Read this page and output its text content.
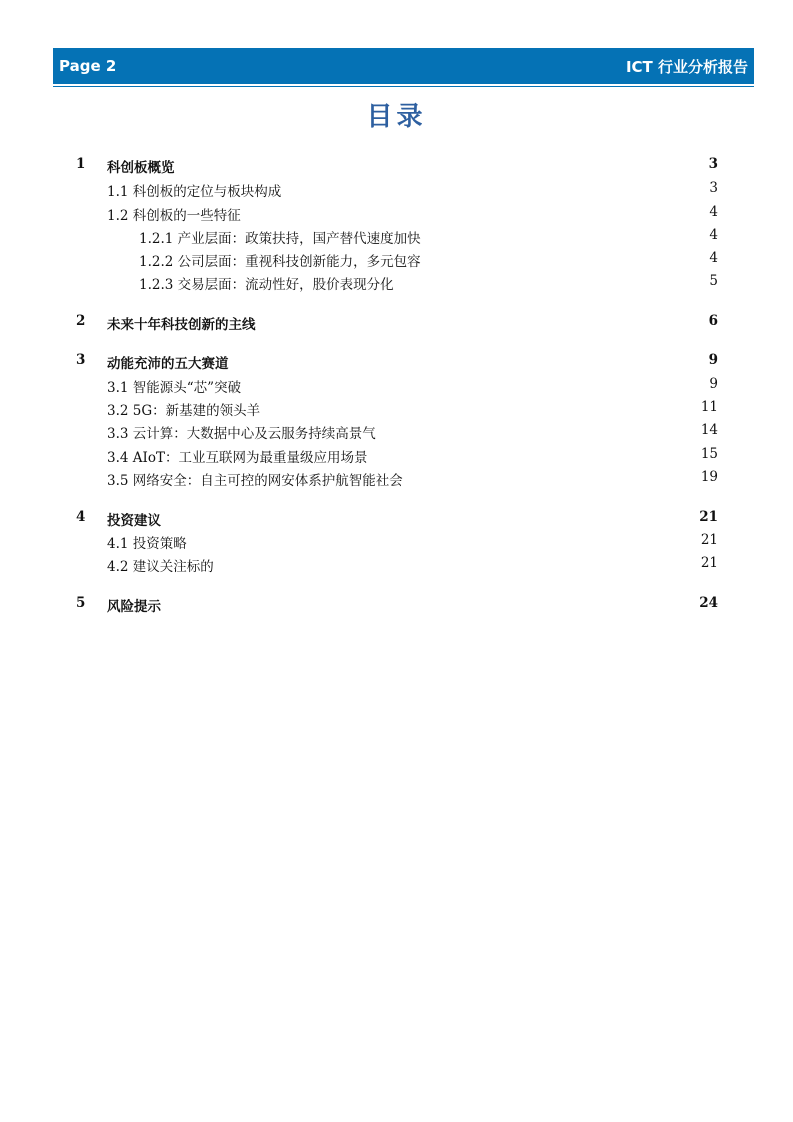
Page 2	ICT 行业分析报告
目录
1 科创板概览	3
1.1 科创板的定位与板块构成	3
1.2 科创板的一些特征	4
1.2.1 产业层面：政策扶持，国产替代速度加快	4
1.2.2 公司层面：重视科技创新能力，多元包容	4
1.2.3 交易层面：流动性好，股价表现分化	5
2 未来十年科技创新的主线	6
3 动能充沛的五大赛道	9
3.1 智能源头“芯”突破	9
3.2 5G：新基建的领头羊	11
3.3 云计算：大数据中心及云服务持续高景气	14
3.4 AIoT：工业互联网为最重量级应用场景	15
3.5 网络安全：自主可控的网安体系护航智能社会	19
4 投资建议	21
4.1 投资策略	21
4.2 建议关注标的	21
5 风险提示	24
